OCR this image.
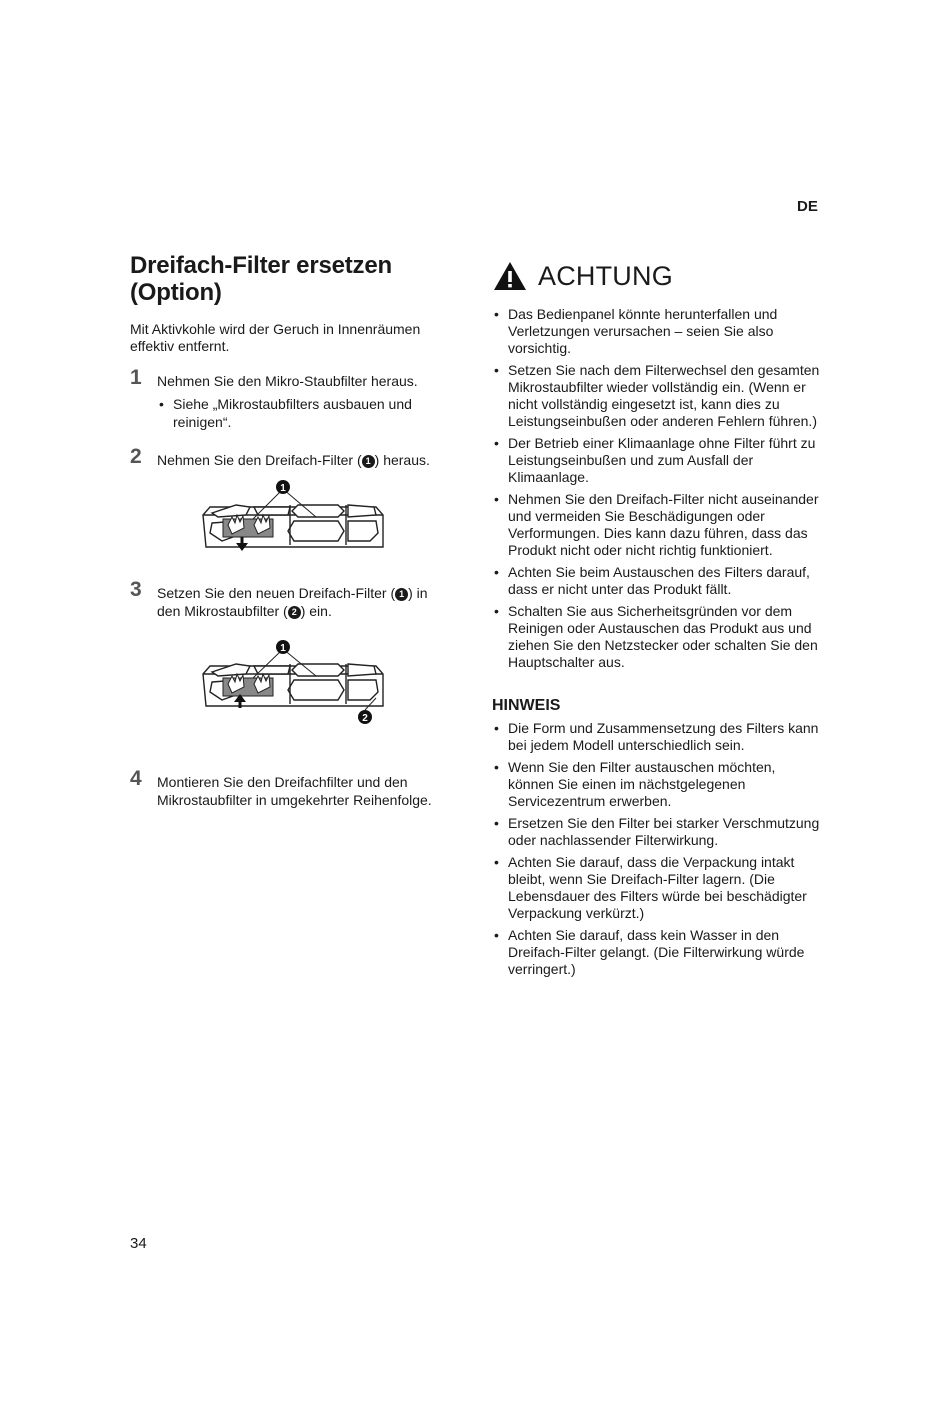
DE
Dreifach-Filter ersetzen (Option)

Mit Aktivkohle wird der Geruch in Innenräumen effektiv entfernt.

1 Nehmen Sie den Mikro-Staubfilter heraus.
• Siehe „Mikrostaubfilters ausbauen und reinigen“.
2 Nehmen Sie den Dreifach-Filter ( 1 ) heraus.
1
3 Setzen Sie den neuen Dreifach-Filter ( 1 ) in den Mikrostaubfilter ( 2 ) ein.
1
2
4 Montieren Sie den Dreifachfilter und den Mikrostaubfilter in umgekehrter Reihenfolge.
ACHTUNG
• Das Bedienpanel könnte herunterfallen und Verletzungen verursachen – seien Sie also vorsichtig.
• Setzen Sie nach dem Filterwechsel den gesamten Mikrostaubfilter wieder vollständig ein. (Wenn er nicht vollständig eingesetzt ist, kann dies zu Leistungseinbußen oder anderen Fehlern führen.)
• Der Betrieb einer Klimaanlage ohne Filter führt zu Leistungseinbußen und zum Ausfall der Klimaanlage.
• Nehmen Sie den Dreifach-Filter nicht auseinander und vermeiden Sie Beschädigungen oder Verformungen. Dies kann dazu führen, dass das Produkt nicht oder nicht richtig funktioniert.
• Achten Sie beim Austauschen des Filters darauf, dass er nicht unter das Produkt fällt.
• Schalten Sie aus Sicherheitsgründen vor dem Reinigen oder Austauschen das Produkt aus und ziehen Sie den Netzstecker oder schalten Sie den Hauptschalter aus.
HINWEIS
• Die Form und Zusammensetzung des Filters kann bei jedem Modell unterschiedlich sein.
• Wenn Sie den Filter austauschen möchten, können Sie einen im nächstgelegenen Servicezentrum erwerben.
• Ersetzen Sie den Filter bei starker Verschmutzung oder nachlassender Filterwirkung.
• Achten Sie darauf, dass die Verpackung intakt bleibt, wenn Sie Dreifach-Filter lagern. (Die Lebensdauer des Filters würde bei beschädigter Verpackung verkürzt.)
• Achten Sie darauf, dass kein Wasser in den Dreifach-Filter gelangt. (Die Filterwirkung würde verringert.)
34
